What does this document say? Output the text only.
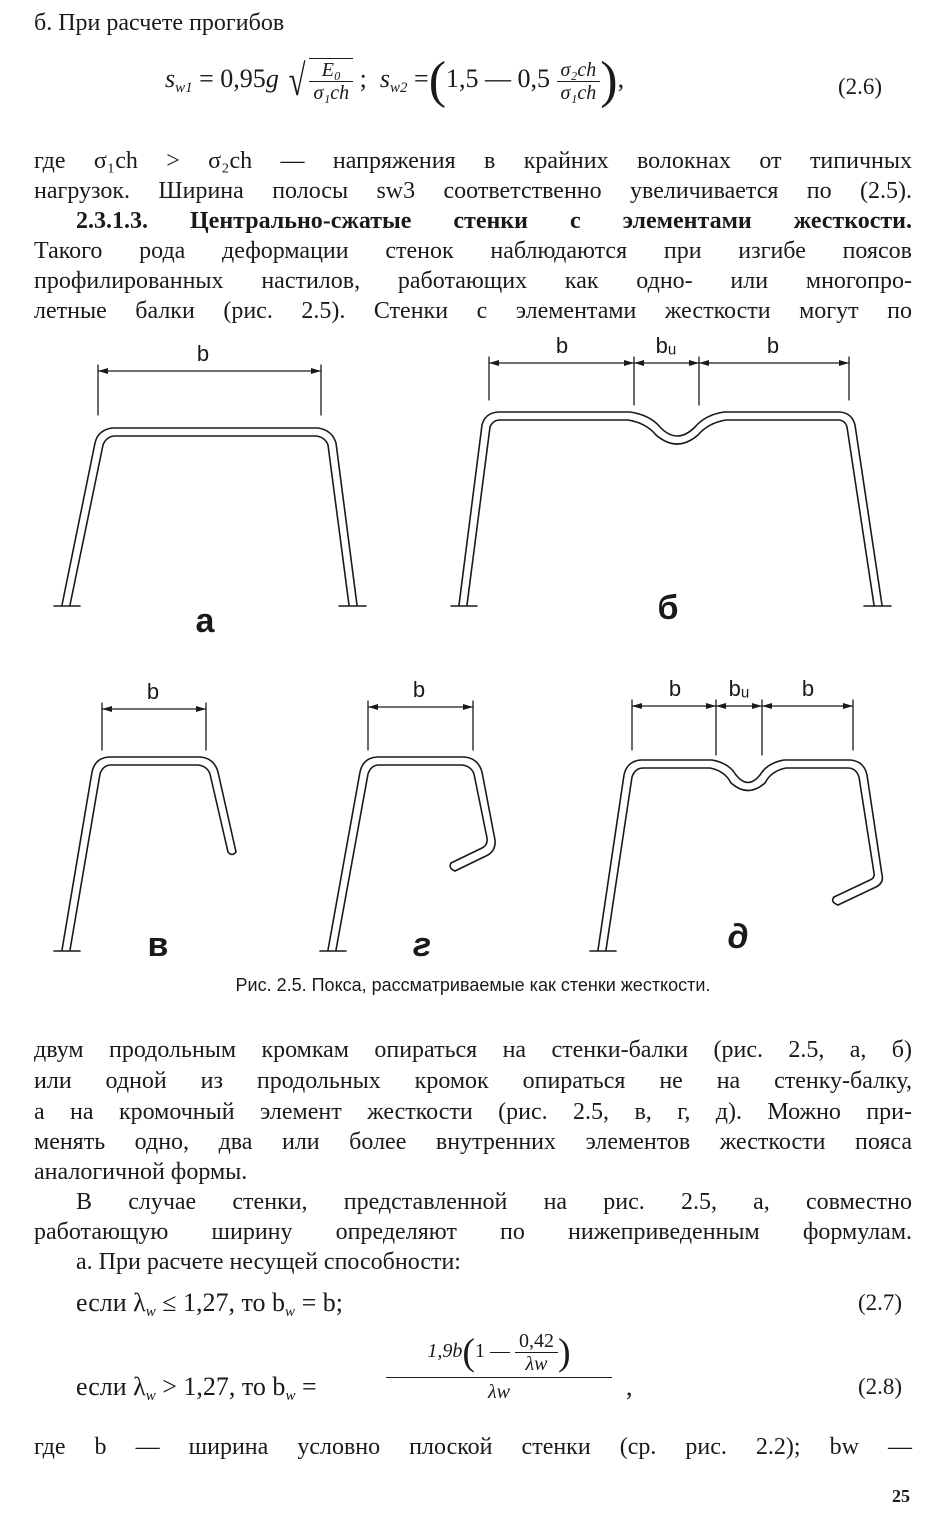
б. При расчете прогибов
$s_{w1} = 0,95g$ √ $\frac{\text{E₀}}{\text{σ₁ch}}$ ; $s_{w2} =(1,5$ — $0,5 \frac{\text{σ₂ch}}{\text{σ₁ch}}$ ),	(2.6)
где σ₁ch > σ₂ch — напряжения в крайних волокнах от типичных
нагрузок. Ширина полосы sw3 соответственно увеличивается по (2.5).
2.3.1.3. Центрально-сжатые стенки с элементами жесткости.
Такого рода деформации стенок наблюдаются при изгибе поясов
профилированных настилов, работающих как одно- или многопро-
летные балки (рис. 2.5). Стенки с элементами жесткости могут по
b	b	bᵤ	b
b	b	b bᵤ b
а	б
в	г	д
Рис. 2.5. Покса, рассматриваемые как стенки жесткости.
двум продольным кромкам опираться на стенки-балки (рис. 2.5, а, б)
или одной из продольных кромок опираться не на стенку-балку,
а на кромочный элемент жесткости (рис. 2.5, в, г, д). Можно при-
менять одно, два или более внутренних элементов жесткости пояса
аналогичной формы.
В случае стенки, представленной на рис. 2.5, а, совместно
работающую ширину определяют по нижеприведенным формулам.
а. При расчете несущей способности:
если $\lambda_w \le 1,27$, то $b_w = b$;	(2.7)
если $\lambda_w > 1,27$, то $b_w$ =
1,9b(1 — $\frac{0,42}{\lambda w}$ )
λw	,	(2.8)
где b — ширина условно плоской стенки (ср. рис. 2.2); bw —
25
